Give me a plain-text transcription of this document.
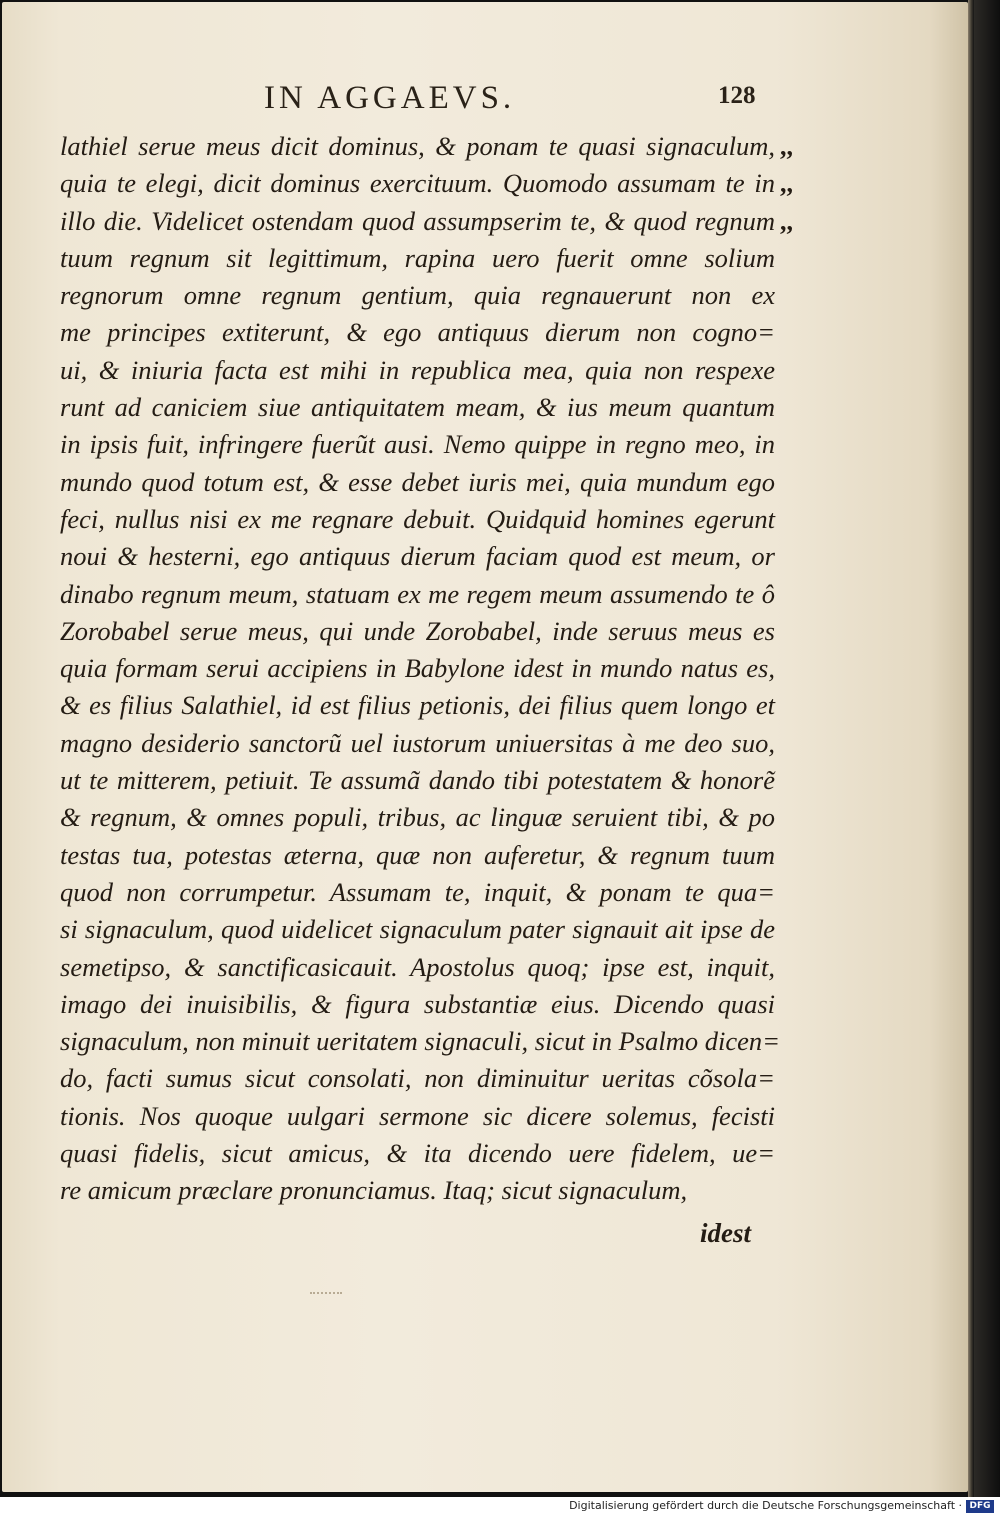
IN AGGAEVS.	128
lathiel serue meus dicit dominus, & ponam te quasi signaculum,
quia te elegi, dicit dominus exercituum. Quomodo assumam te in
illo die. Videlicet ostendam quod assumpserim te, & quod regnum
tuum regnum sit legittimum, rapina uero fuerit omne solium
regnorum omne regnum gentium, quia regnauerunt non ex
me principes extiterunt, & ego antiquus dierum non cogno=
ui, & iniuria facta est mihi in republica mea, quia non respexe
runt ad caniciem siue antiquitatem meam, & ius meum quantum
in ipsis fuit, infringere fuerũt ausi. Nemo quippe in regno meo, in
mundo quod totum est, & esse debet iuris mei, quia mundum ego
feci, nullus nisi ex me regnare debuit. Quidquid homines egerunt
noui & hesterni, ego antiquus dierum faciam quod est meum, or
dinabo regnum meum, statuam ex me regem meum assumendo te ô
Zorobabel serue meus, qui unde Zorobabel, inde seruus meus es
quia formam serui accipiens in Babylone idest in mundo natus es,
& es filius Salathiel, id est filius petionis, dei filius quem longo et
magno desiderio sanctorũ uel iustorum uniuersitas à me deo suo,
ut te mitterem, petiuit. Te assumã dando tibi potestatem & honorẽ
& regnum, & omnes populi, tribus, ac linguæ seruient tibi, & po
testas tua, potestas æterna, quæ non auferetur, & regnum tuum
quod non corrumpetur. Assumam te, inquit, & ponam te qua=
si signaculum, quod uidelicet signaculum pater signauit ait ipse de
semetipso, & sanctificasicauit. Apostolus quoq; ipse est, inquit,
imago dei inuisibilis, & figura substantiæ eius. Dicendo quasi
signaculum, non minuit ueritatem signaculi, sicut in Psalmo dicen=
do, facti sumus sicut consolati, non diminuitur ueritas cõsola=
tionis. Nos quoque uulgari sermone sic dicere solemus, fecisti
quasi fidelis, sicut amicus, & ita dicendo uere fidelem, ue=
re amicum præclare pronunciamus. Itaq; sicut signaculum,
,,
,,
,,
idest
Digitalisierung gefördert durch die Deutsche Forschungsgemeinschaft · DFG
